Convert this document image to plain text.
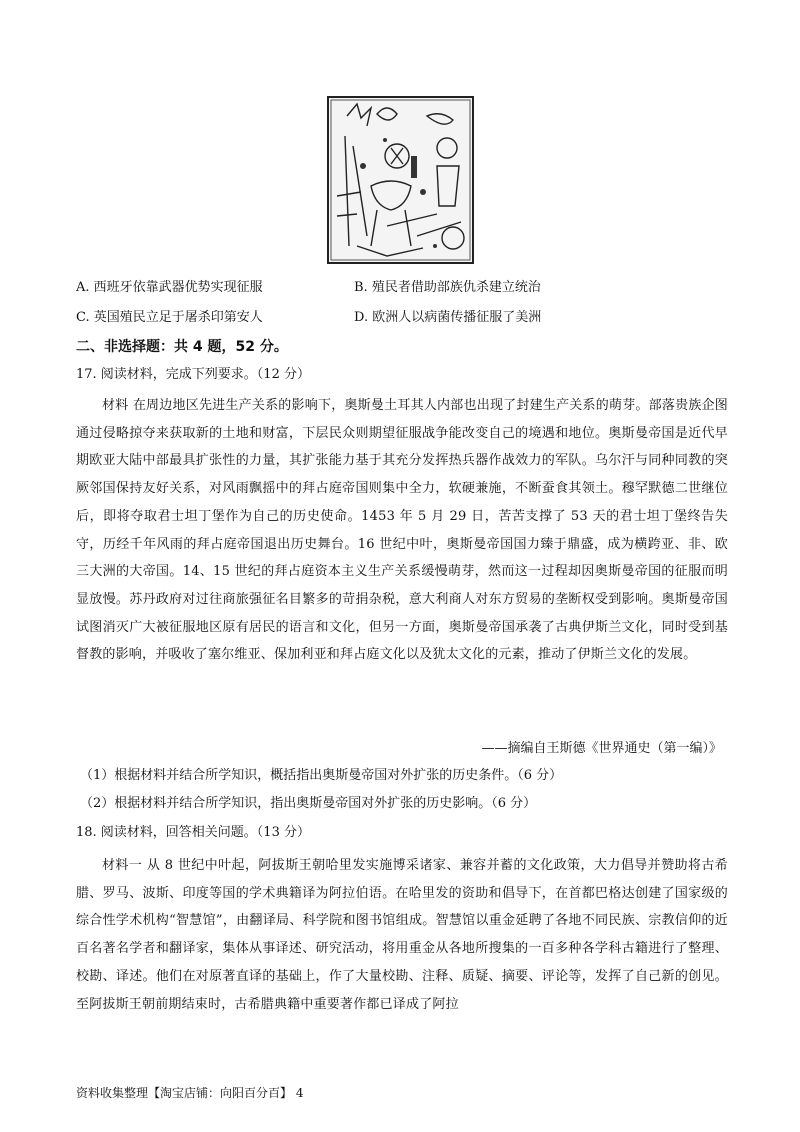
A. 西班牙依靠武器优势实现征服	B. 殖民者借助部族仇杀建立统治
C. 英国殖民立足于屠杀印第安人	D. 欧洲人以病菌传播征服了美洲
二、非选择题：共 4 题，52 分。
17. 阅读材料，完成下列要求。（12 分）
材料 在周边地区先进生产关系的影响下，奥斯曼土耳其人内部也出现了封建生产关系的萌芽。部落贵族企图通过侵略掠夺来获取新的土地和财富，下层民众则期望征服战争能改变自己的境遇和地位。奥斯曼帝国是近代早期欧亚大陆中部最具扩张性的力量，其扩张能力基于其充分发挥热兵器作战效力的军队。乌尔汗与同种同教的突厥邻国保持友好关系，对风雨飘摇中的拜占庭帝国则集中全力，软硬兼施，不断蚕食其领土。穆罕默德二世继位后，即将夺取君士坦丁堡作为自己的历史使命。1453 年 5 月 29 日，苦苦支撑了 53 天的君士坦丁堡终告失守，历经千年风雨的拜占庭帝国退出历史舞台。16 世纪中叶，奥斯曼帝国国力臻于鼎盛，成为横跨亚、非、欧三大洲的大帝国。14、15 世纪的拜占庭资本主义生产关系缓慢萌芽，然而这一过程却因奥斯曼帝国的征服而明显放慢。苏丹政府对过往商旅强征名目繁多的苛捐杂税，意大利商人对东方贸易的垄断权受到影响。奥斯曼帝国试图消灭广大被征服地区原有居民的语言和文化，但另一方面，奥斯曼帝国承袭了古典伊斯兰文化，同时受到基督教的影响，并吸收了塞尔维亚、保加利亚和拜占庭文化以及犹太文化的元素，推动了伊斯兰文化的发展。
——摘编自王斯德《世界通史（第一编）》
（1）根据材料并结合所学知识，概括指出奥斯曼帝国对外扩张的历史条件。（6 分）
（2）根据材料并结合所学知识，指出奥斯曼帝国对外扩张的历史影响。（6 分）
18. 阅读材料，回答相关问题。（13 分）
材料一 从 8 世纪中叶起，阿拔斯王朝哈里发实施博采诸家、兼容并蓄的文化政策，大力倡导并赞助将古希腊、罗马、波斯、印度等国的学术典籍译为阿拉伯语。在哈里发的资助和倡导下，在首都巴格达创建了国家级的综合性学术机构“智慧馆”，由翻译局、科学院和图书馆组成。智慧馆以重金延聘了各地不同民族、宗教信仰的近百名著名学者和翻译家，集体从事译述、研究活动，将用重金从各地所搜集的一百多种各学科古籍进行了整理、校勘、译述。他们在对原著直译的基础上，作了大量校勘、注释、质疑、摘要、评论等，发挥了自己新的创见。至阿拔斯王朝前期结束时，古希腊典籍中重要著作都已译成了阿拉
资料收集整理【淘宝店铺：向阳百分百】 4
